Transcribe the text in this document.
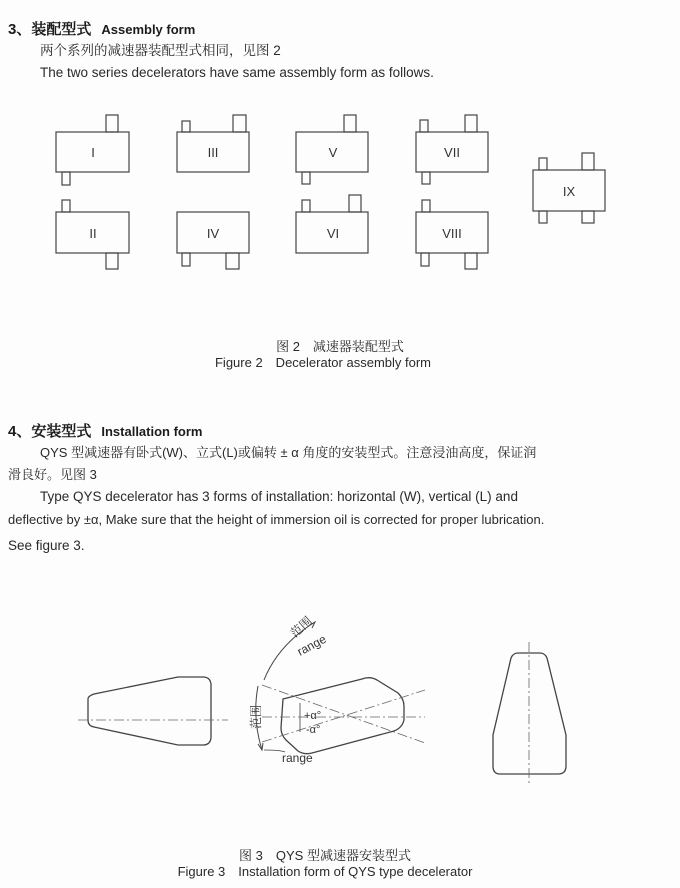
3、装配型式 Assembly form
两个系列的减速器装配型式相同，见图 2
The two series decelerators have same assembly form as follows.
I
II
III
IV
V
VI
VII
VIII
IX
图 2　减速器装配型式
Figure 2　Decelerator assembly form
4、安装型式 Installation form
QYS 型减速器有卧式(W)、立式(L)或偏转 ± α 角度的安装型式。注意浸油高度，保证润
滑良好。见图 3
Type QYS decelerator has 3 forms of installation: horizontal (W), vertical (L) and
deflective by ±α, Make sure that the height of immersion oil is corrected for proper lubrication.
See figure 3.
范围
range
范围
range
+α°
-α°
图 3　QYS 型减速器安装型式
Figure 3　Installation form of QYS type decelerator
